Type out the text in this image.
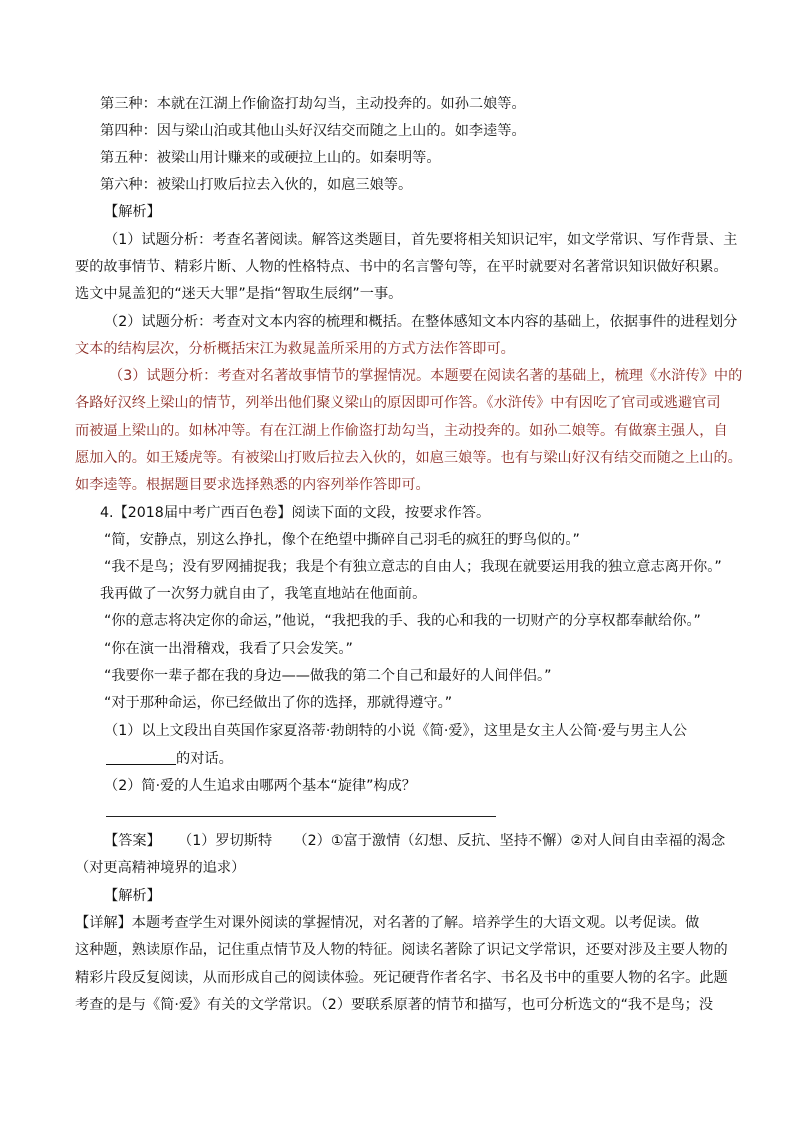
第三种：本就在江湖上作偷盗打劫勾当，主动投奔的。如孙二娘等。
第四种：因与梁山泊或其他山头好汉结交而随之上山的。如李逵等。
第五种：被梁山用计赚来的或硬拉上山的。如秦明等。
第六种：被梁山打败后拉去入伙的，如扈三娘等。
【解析】
（1）试题分析：考查名著阅读。解答这类题目，首先要将相关知识记牢，如文学常识、写作背景、主
要的故事情节、精彩片断、人物的性格特点、书中的名言警句等，在平时就要对名著常识知识做好积累。
选文中晁盖犯的“迷天大罪”是指“智取生辰纲”一事。
（2）试题分析：考查对文本内容的梳理和概括。在整体感知文本内容的基础上，依据事件的进程划分
文本的结构层次，分析概括宋江为救晁盖所采用的方式方法作答即可。
（3）试题分析：考查对名著故事情节的掌握情况。本题要在阅读名著的基础上，梳理《水浒传》中的
各路好汉终上梁山的情节，列举出他们聚义梁山的原因即可作答。《水浒传》中有因吃了官司或逃避官司
而被逼上梁山的。如林冲等。有在江湖上作偷盗打劫勾当，主动投奔的。如孙二娘等。有做寨主强人，自
愿加入的。如王矮虎等。有被梁山打败后拉去入伙的，如扈三娘等。也有与梁山好汉有结交而随之上山的。
如李逵等。根据题目要求选择熟悉的内容列举作答即可。
4.【2018届中考广西百色卷】阅读下面的文段，按要求作答。
“简，安静点，别这么挣扎，像个在绝望中撕碎自己羽毛的疯狂的野鸟似的。”
“我不是鸟；没有罗网捕捉我；我是个有独立意志的自由人；我现在就要运用我的独立意志离开你。”
我再做了一次努力就自由了，我笔直地站在他面前。
“你的意志将决定你的命运，”他说，“我把我的手、我的心和我的一切财产的分享权都奉献给你。”
“你在演一出滑稽戏，我看了只会发笑。”
“我要你一辈子都在我的身边——做我的第二个自己和最好的人间伴侣。”
“对于那种命运，你已经做出了你的选择，那就得遵守。”
（1）以上文段出自英国作家夏洛蒂·勃朗特的小说《简·爱》，这里是女主人公简·爱与男主人公
的对话。
（2）简·爱的人生追求由哪两个基本“旋律”构成？
【答案】 （1）罗切斯特　　（2）①富于激情（幻想、反抗、坚持不懈）②对人间自由幸福的渴念
（对更高精神境界的追求）
【解析】
【详解】本题考查学生对课外阅读的掌握情况，对名著的了解。培养学生的大语文观。以考促读。做
这种题，熟读原作品，记住重点情节及人物的特征。阅读名著除了识记文学常识，还要对涉及主要人物的
精彩片段反复阅读，从而形成自己的阅读体验。死记硬背作者名字、书名及书中的重要人物的名字。此题
考查的是与《简·爱》有关的文学常识。（2）要联系原著的情节和描写，也可分析选文的“我不是鸟；没
